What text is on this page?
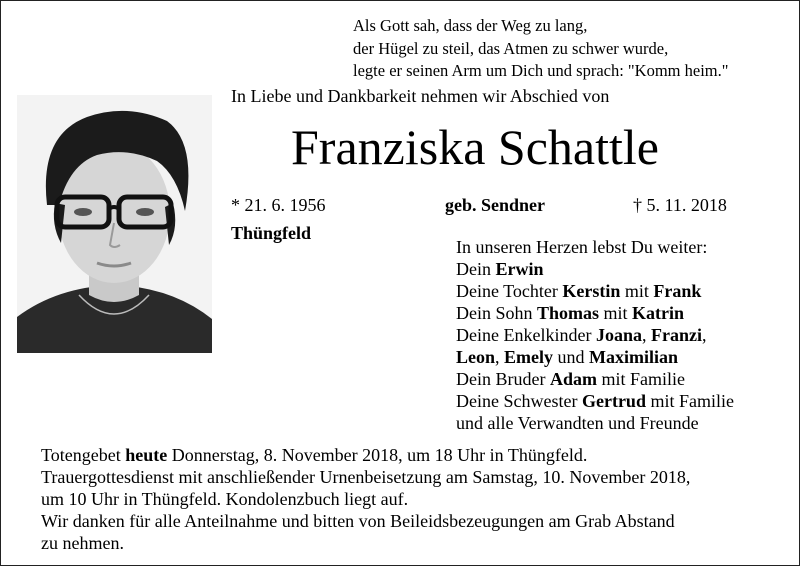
Als Gott sah, dass der Weg zu lang,
der Hügel zu steil, das Atmen zu schwer wurde,
legte er seinen Arm um Dich und sprach: "Komm heim."
In Liebe und Dankbarkeit nehmen wir Abschied von
Franziska Schattle
* 21. 6. 1956	geb. Sendner	† 5. 11. 2018
Thüngfeld
In unseren Herzen lebst Du weiter:
Dein Erwin
Deine Tochter Kerstin mit Frank
Dein Sohn Thomas mit Katrin
Deine Enkelkinder Joana, Franzi,
Leon, Emely und Maximilian
Dein Bruder Adam mit Familie
Deine Schwester Gertrud mit Familie
und alle Verwandten und Freunde
Totengebet heute Donnerstag, 8. November 2018, um 18 Uhr in Thüngfeld.
Trauergottesdienst mit anschließender Urnenbeisetzung am Samstag, 10. November 2018,
um 10 Uhr in Thüngfeld. Kondolenzbuch liegt auf.
Wir danken für alle Anteilnahme und bitten von Beileidsbezeugungen am Grab Abstand
zu nehmen.
